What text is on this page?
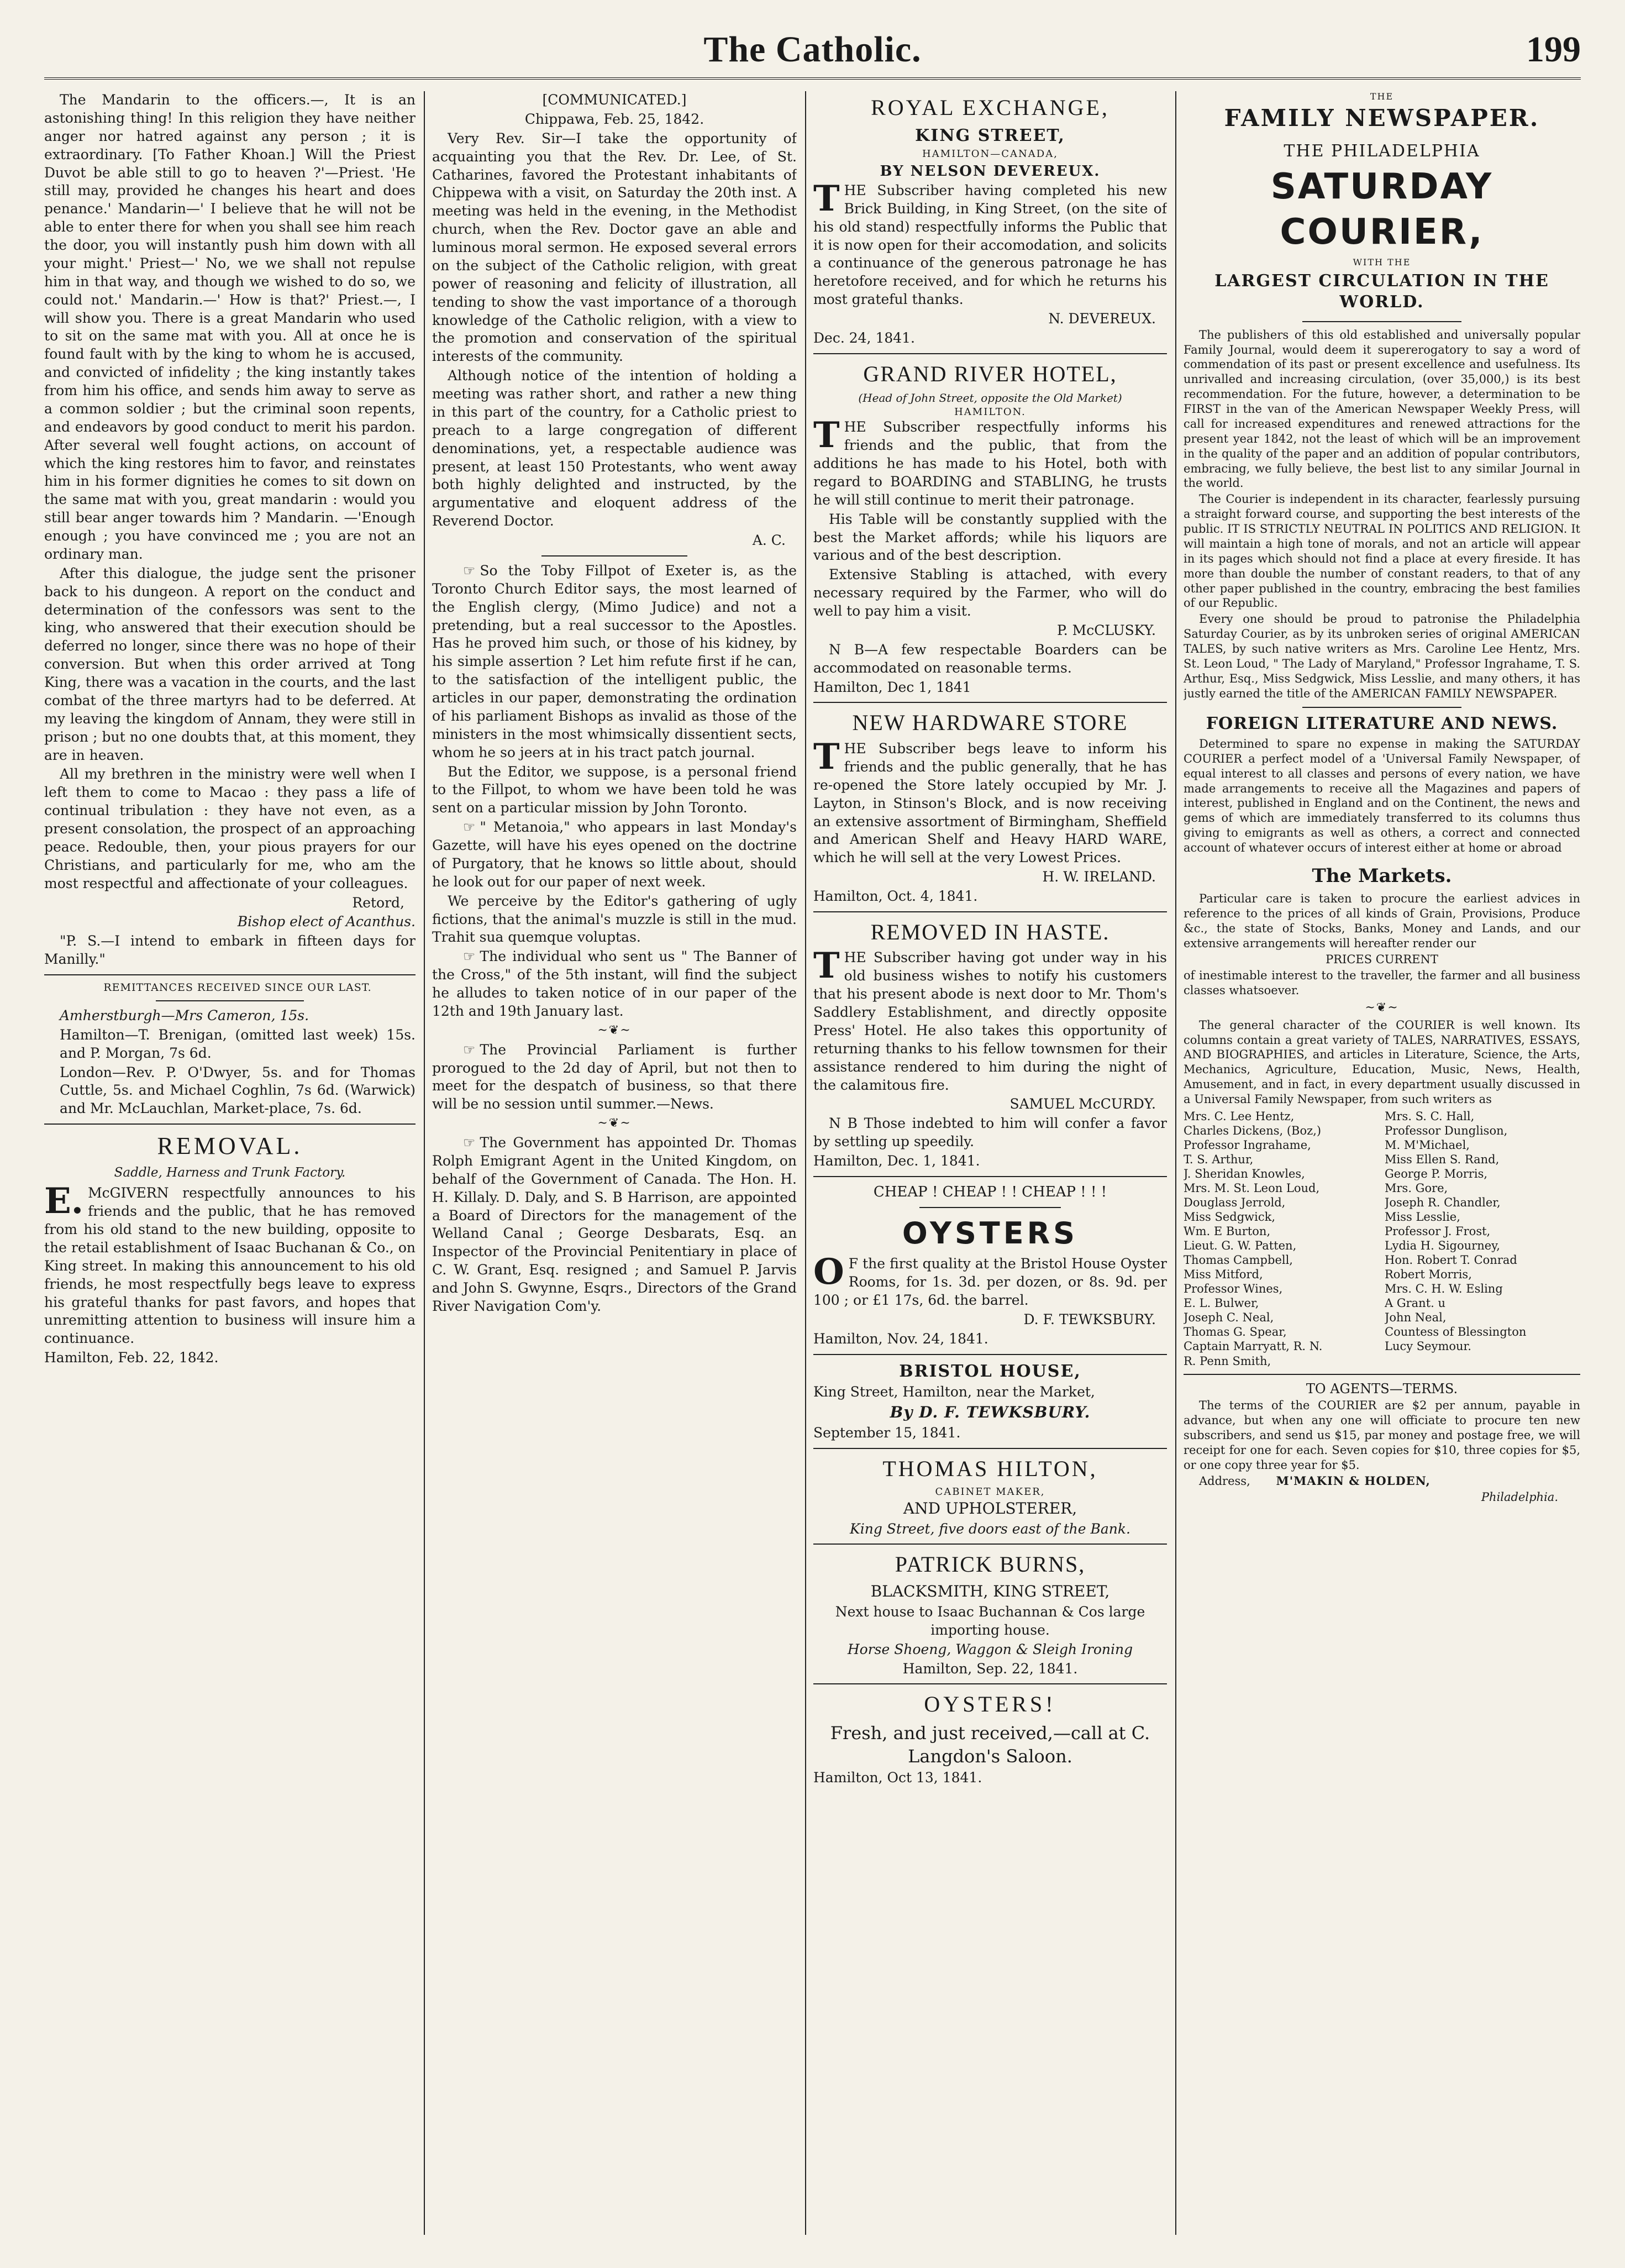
The Catholic.	199

The Mandarin to the officers.—, It is an astonishing thing! In this religion they have neither anger nor hatred against any person ; it is extraordinary. [To Father Khoan.] Will the Priest Duvot be able still to go to heaven ?'—Priest. 'He still may, provided he changes his heart and does penance.' Mandarin—' I believe that he will not be able to enter there for when you shall see him reach the door, you will instantly push him down with all your might.' Priest—' No, we we shall not repulse him in that way, and though we wished to do so, we could not.' Mandarin.—' How is that?' Priest.—, I will show you. There is a great Mandarin who used to sit on the same mat with you. All at once he is found fault with by the king to whom he is accused, and convicted of infidelity ; the king instantly takes from him his office, and sends him away to serve as a common soldier ; but the criminal soon repents, and endeavors by good conduct to merit his pardon. After several well fought actions, on account of which the king restores him to favor, and reinstates him in his former dignities he comes to sit down on the same mat with you, great mandarin : would you still bear anger towards him ? Mandarin. —'Enough enough ; you have convinced me ; you are not an ordinary man.

After this dialogue, the judge sent the prisoner back to his dungeon. A report on the conduct and determination of the confessors was sent to the king, who answered that their execution should be deferred no longer, since there was no hope of their conversion. But when this order arrived at Tong King, there was a vacation in the courts, and the last combat of the three martyrs had to be deferred. At my leaving the kingdom of Annam, they were still in prison ; but no one doubts that, at this moment, they are in heaven.

All my brethren in the ministry were well when I left them to come to Macao : they pass a life of continual tribulation : they have not even, as a present consolation, the prospect of an approaching peace. Redouble, then, your pious prayers for our Christians, and particularly for me, who am the most respectful and affectionate of your colleagues.

Retord,

Bishop elect of Acanthus.

"P. S.—I intend to embark in fifteen days for Manilly."

REMITTANCES RECEIVED SINCE OUR LAST.

Amherstburgh—Mrs Cameron, 15s.

Hamilton—T. Brenigan, (omitted last week) 15s. and P. Morgan, 7s 6d.

London—Rev. P. O'Dwyer, 5s. and for Thomas Cuttle, 5s. and Michael Coghlin, 7s 6d. (Warwick) and Mr. McLauchlan, Market-place, 7s. 6d.

REMOVAL.
Saddle, Harness and Trunk Factory.

E. McGIVERN respectfully announces to his friends and the public, that he has removed from his old stand to the new building, opposite to the retail establishment of Isaac Buchanan & Co., on King street. In making this announcement to his old friends, he most respectfully begs leave to express his grateful thanks for past favors, and hopes that unremitting attention to business will insure him a continuance.

Hamilton, Feb. 22, 1842.

[COMMUNICATED.]

Chippawa, Feb. 25, 1842.

Very Rev. Sir—I take the opportunity of acquainting you that the Rev. Dr. Lee, of St. Catharines, favored the Protestant inhabitants of Chippewa with a visit, on Saturday the 20th inst. A meeting was held in the evening, in the Methodist church, when the Rev. Doctor gave an able and luminous moral sermon. He exposed several errors on the subject of the Catholic religion, with great power of reasoning and felicity of illustration, all tending to show the vast importance of a thorough knowledge of the Catholic religion, with a view to the promotion and conservation of the spiritual interests of the community.

Although notice of the intention of holding a meeting was rather short, and rather a new thing in this part of the country, for a Catholic priest to preach to a large congregation of different denominations, yet, a respectable audience was present, at least 150 Protestants, who went away both highly delighted and instructed, by the argumentative and eloquent address of the Reverend Doctor.

A. C.

☞ So the Toby Fillpot of Exeter is, as the Toronto Church Editor says, the most learned of the English clergy, (Mimo Judice) and not a pretending, but a real successor to the Apostles. Has he proved him such, or those of his kidney, by his simple assertion ? Let him refute first if he can, to the satisfaction of the intelligent public, the articles in our paper, demonstrating the ordination of his parliament Bishops as invalid as those of the ministers in the most whimsically dissentient sects, whom he so jeers at in his tract patch journal.

But the Editor, we suppose, is a personal friend to the Fillpot, to whom we have been told he was sent on a particular mission by John Toronto.

☞ " Metanoia," who appears in last Monday's Gazette, will have his eyes opened on the doctrine of Purgatory, that he knows so little about, should he look out for our paper of next week.

We perceive by the Editor's gathering of ugly fictions, that the animal's muzzle is still in the mud. Trahit sua quemque voluptas.

☞ The individual who sent us " The Banner of the Cross," of the 5th instant, will find the subject he alludes to taken notice of in our paper of the 12th and 19th January last.

~❦~

☞ The Provincial Parliament is further prorogued to the 2d day of April, but not then to meet for the despatch of business, so that there will be no session until summer.—News.

~❦~

☞ The Government has appointed Dr. Thomas Rolph Emigrant Agent in the United Kingdom, on behalf of the Government of Canada. The Hon. H. H. Killaly. D. Daly, and S. B Harrison, are appointed a Board of Directors for the management of the Welland Canal ; George Desbarats, Esq. an Inspector of the Provincial Penitentiary in place of C. W. Grant, Esq. resigned ; and Samuel P. Jarvis and John S. Gwynne, Esqrs., Directors of the Grand River Navigation Com'y.

ROYAL EXCHANGE,
KING STREET,
HAMILTON—CANADA,
BY NELSON DEVEREUX.

THE Subscriber having completed his new Brick Building, in King Street, (on the site of his old stand) respectfully informs the Public that it is now open for their accomodation, and solicits a continuance of the generous patronage he has heretofore received, and for which he returns his most grateful thanks.

N. DEVEREUX.

Dec. 24, 1841.

GRAND RIVER HOTEL,
(Head of John Street, opposite the Old Market)
HAMILTON.

THE Subscriber respectfully informs his friends and the public, that from the additions he has made to his Hotel, both with regard to BOARDING and STABLING, he trusts he will still continue to merit their patronage.

His Table will be constantly supplied with the best the Market affords; while his liquors are various and of the best description.

Extensive Stabling is attached, with every necessary required by the Farmer, who will do well to pay him a visit.

P. McCLUSKY.

N B—A few respectable Boarders can be accommodated on reasonable terms.

Hamilton, Dec 1, 1841

NEW HARDWARE STORE

THE Subscriber begs leave to inform his friends and the public generally, that he has re-opened the Store lately occupied by Mr. J. Layton, in Stinson's Block, and is now receiving an extensive assortment of Birmingham, Sheffield and American Shelf and Heavy HARD WARE, which he will sell at the very Lowest Prices.

H. W. IRELAND.

Hamilton, Oct. 4, 1841.

REMOVED IN HASTE.

THE Subscriber having got under way in his old business wishes to notify his customers that his present abode is next door to Mr. Thom's Saddlery Establishment, and directly opposite Press' Hotel. He also takes this opportunity of returning thanks to his fellow townsmen for their assistance rendered to him during the night of the calamitous fire.

SAMUEL McCURDY.

N B Those indebted to him will confer a favor by settling up speedily.

Hamilton, Dec. 1, 1841.

CHEAP ! CHEAP ! ! CHEAP ! ! !

OYSTERS

O F the first quality at the Bristol House Oyster Rooms, for 1s. 3d. per dozen, or 8s. 9d. per 100 ; or £1 17s, 6d. the barrel.

D. F. TEWKSBURY.

Hamilton, Nov. 24, 1841.

BRISTOL HOUSE,

King Street, Hamilton, near the Market,

By D. F. TEWKSBURY.

September 15, 1841.

THOMAS HILTON,
CABINET MAKER,
AND UPHOLSTERER,

King Street, five doors east of the Bank.

PATRICK BURNS,
BLACKSMITH, KING STREET,

Next house to Isaac Buchannan & Cos large importing house.

Horse Shoeng, Waggon & Sleigh Ironing

Hamilton, Sep. 22, 1841.

OYSTERS!

Fresh, and just received,—call at C. Langdon's Saloon.

Hamilton, Oct 13, 1841.

THE
FAMILY NEWSPAPER.
THE PHILADELPHIA
SATURDAY COURIER,
WITH THE
LARGEST CIRCULATION IN THE WORLD.

The publishers of this old established and universally popular Family Journal, would deem it supererogatory to say a word of commendation of its past or present excellence and usefulness. Its unrivalled and increasing circulation, (over 35,000,) is its best recommendation. For the future, however, a determination to be FIRST in the van of the American Newspaper Weekly Press, will call for increased expenditures and renewed attractions for the present year 1842, not the least of which will be an improvement in the quality of the paper and an addition of popular contributors, embracing, we fully believe, the best list to any similar Journal in the world.

The Courier is independent in its character, fearlessly pursuing a straight forward course, and supporting the best interests of the public. IT IS STRICTLY NEUTRAL IN POLITICS AND RELIGION. It will maintain a high tone of morals, and not an article will appear in its pages which should not find a place at every fireside. It has more than double the number of constant readers, to that of any other paper published in the country, embracing the best families of our Republic.

Every one should be proud to patronise the Philadelphia Saturday Courier, as by its unbroken series of original AMERICAN TALES, by such native writers as Mrs. Caroline Lee Hentz, Mrs. St. Leon Loud, " The Lady of Maryland," Professor Ingrahame, T. S. Arthur, Esq., Miss Sedgwick, Miss Lesslie, and many others, it has justly earned the title of the AMERICAN FAMILY NEWSPAPER.

FOREIGN LITERATURE AND NEWS.

Determined to spare no expense in making the SATURDAY COURIER a perfect model of a 'Universal Family Newspaper, of equal interest to all classes and persons of every nation, we have made arrangements to receive all the Magazines and papers of interest, published in England and on the Continent, the news and gems of which are immediately transferred to its columns thus giving to emigrants as well as others, a correct and connected account of whatever occurs of interest either at home or abroad

The Markets.

Particular care is taken to procure the earliest advices in reference to the prices of all kinds of Grain, Provisions, Produce &c., the state of Stocks, Banks, Money and Lands, and our extensive arrangements will hereafter render our

PRICES CURRENT

of inestimable interest to the traveller, the farmer and all business classes whatsoever.

~❦~

The general character of the COURIER is well known. Its columns contain a great variety of TALES, NARRATIVES, ESSAYS, AND BIOGRAPHIES, and articles in Literature, Science, the Arts, Mechanics, Agriculture, Education, Music, News, Health, Amusement, and in fact, in every department usually discussed in a Universal Family Newspaper, from such writers as

Mrs. C. Lee Hentz,	Mrs. S. C. Hall,
Charles Dickens, (Boz,)	Professor Dunglison,
Professor Ingrahame,	M. M'Michael,
T. S. Arthur,	Miss Ellen S. Rand,
J. Sheridan Knowles,	George P. Morris,
Mrs. M. St. Leon Loud,	Mrs. Gore,
Douglass Jerrold,	Joseph R. Chandler,
Miss Sedgwick,	Miss Lesslie,
Wm. E Burton,	Professor J. Frost,
Lieut. G. W. Patten,	Lydia H. Sigourney,
Thomas Campbell,	Hon. Robert T. Conrad
Miss Mitford,	Robert Morris,
Professor Wines,	Mrs. C. H. W. Esling
E. L. Bulwer,	A Grant. u
Joseph C. Neal,	John Neal,
Thomas G. Spear,	Countess of Blessington
Captain Marryatt, R. N.	Lucy Seymour.
R. Penn Smith,
TO AGENTS—TERMS.

The terms of the COURIER are $2 per annum, payable in advance, but when any one will officiate to procure ten new subscribers, and send us $15, par money and postage free, we will receipt for one for each. Seven copies for $10, three copies for $5, or one copy three year for $5.

Address, M'MAKIN & HOLDEN,

Philadelphia.
